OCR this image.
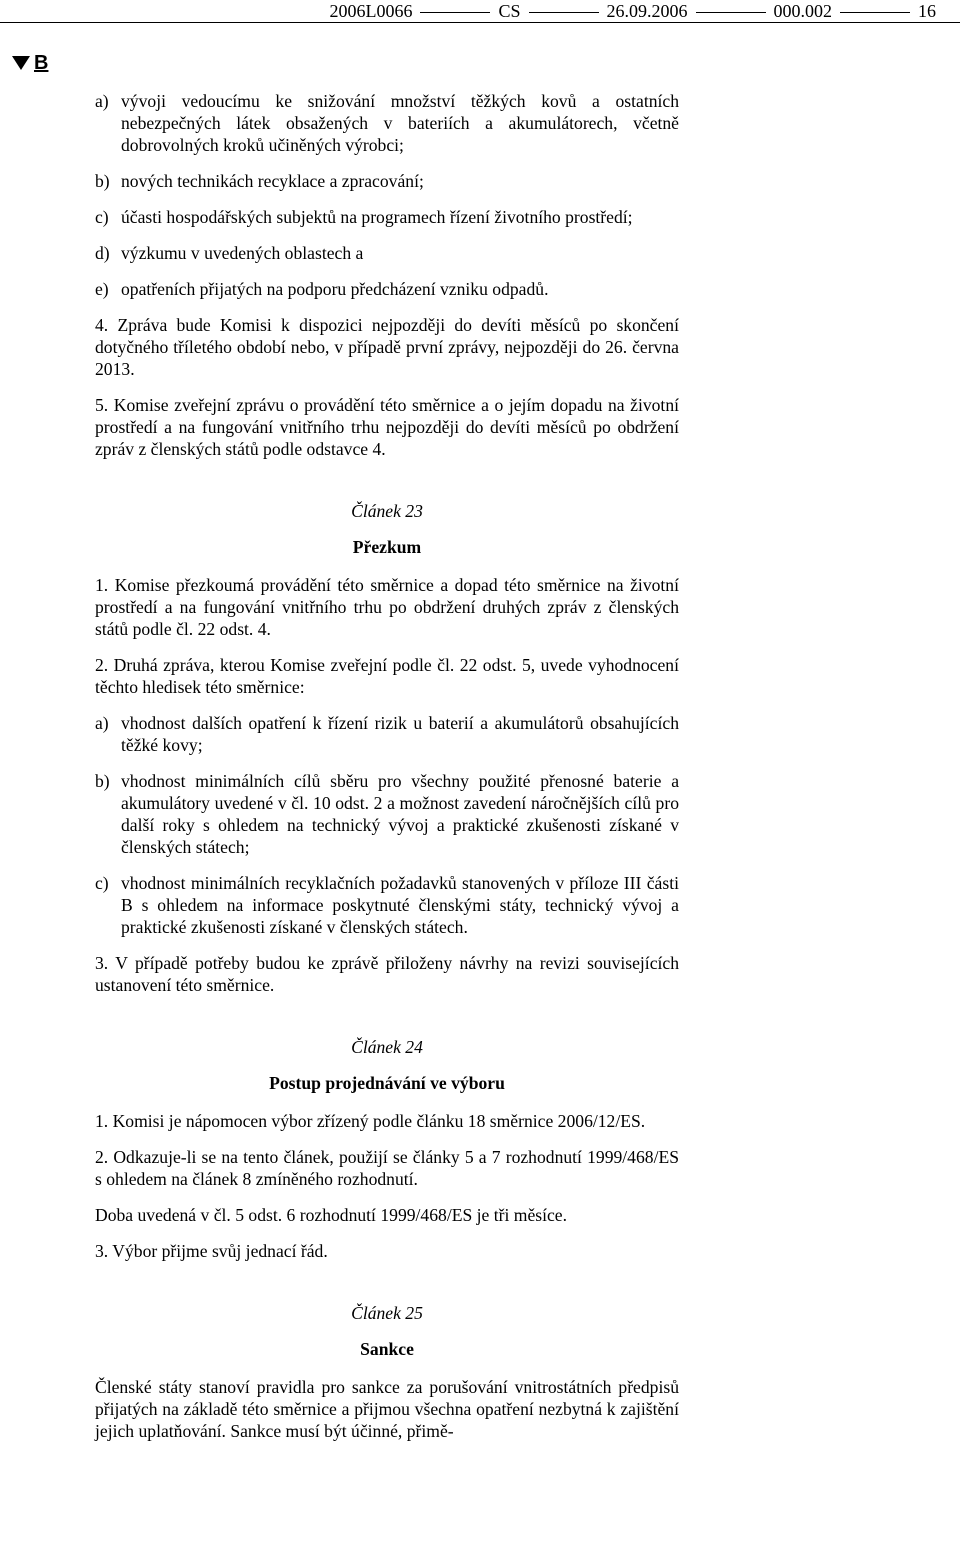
2006L0066	CS	26.09.2006	000.002	16
B
a) vývoji vedoucímu ke snižování množství těžkých kovů a ostatních nebezpečných látek obsažených v bateriích a akumulátorech, včetně dobrovolných kroků učiněných výrobci;
b) nových technikách recyklace a zpracování;
c) účasti hospodářských subjektů na programech řízení životního prostředí;
d) výzkumu v uvedených oblastech a
e) opatřeních přijatých na podporu předcházení vzniku odpadů.

4. Zpráva bude Komisi k dispozici nejpozději do devíti měsíců po skončení dotyčného tříletého období nebo, v případě první zprávy, nejpozději do 26. června 2013.

5. Komise zveřejní zprávu o provádění této směrnice a o jejím dopadu na životní prostředí a na fungování vnitřního trhu nejpozději do devíti měsíců po obdržení zpráv z členských států podle odstavce 4.

Článek 23
Přezkum

1. Komise přezkoumá provádění této směrnice a dopad této směrnice na životní prostředí a na fungování vnitřního trhu po obdržení druhých zpráv z členských států podle čl. 22 odst. 4.

2. Druhá zpráva, kterou Komise zveřejní podle čl. 22 odst. 5, uvede vyhodnocení těchto hledisek této směrnice:

a) vhodnost dalších opatření k řízení rizik u baterií a akumulátorů obsahujících těžké kovy;
b) vhodnost minimálních cílů sběru pro všechny použité přenosné baterie a akumulátory uvedené v čl. 10 odst. 2 a možnost zavedení náročnějších cílů pro další roky s ohledem na technický vývoj a praktické zkušenosti získané v členských státech;
c) vhodnost minimálních recyklačních požadavků stanovených v příloze III části B s ohledem na informace poskytnuté členskými státy, technický vývoj a praktické zkušenosti získané v členských státech.

3. V případě potřeby budou ke zprávě přiloženy návrhy na revizi souvisejících ustanovení této směrnice.

Článek 24
Postup projednávání ve výboru

1. Komisi je nápomocen výbor zřízený podle článku 18 směrnice 2006/12/ES.

2. Odkazuje-li se na tento článek, použijí se články 5 a 7 rozhodnutí 1999/468/ES s ohledem na článek 8 zmíněného rozhodnutí.

Doba uvedená v čl. 5 odst. 6 rozhodnutí 1999/468/ES je tři měsíce.

3. Výbor přijme svůj jednací řád.

Článek 25
Sankce

Členské státy stanoví pravidla pro sankce za porušování vnitrostátních předpisů přijatých na základě této směrnice a přijmou všechna opatření nezbytná k zajištění jejich uplatňování. Sankce musí být účinné, přimě-
